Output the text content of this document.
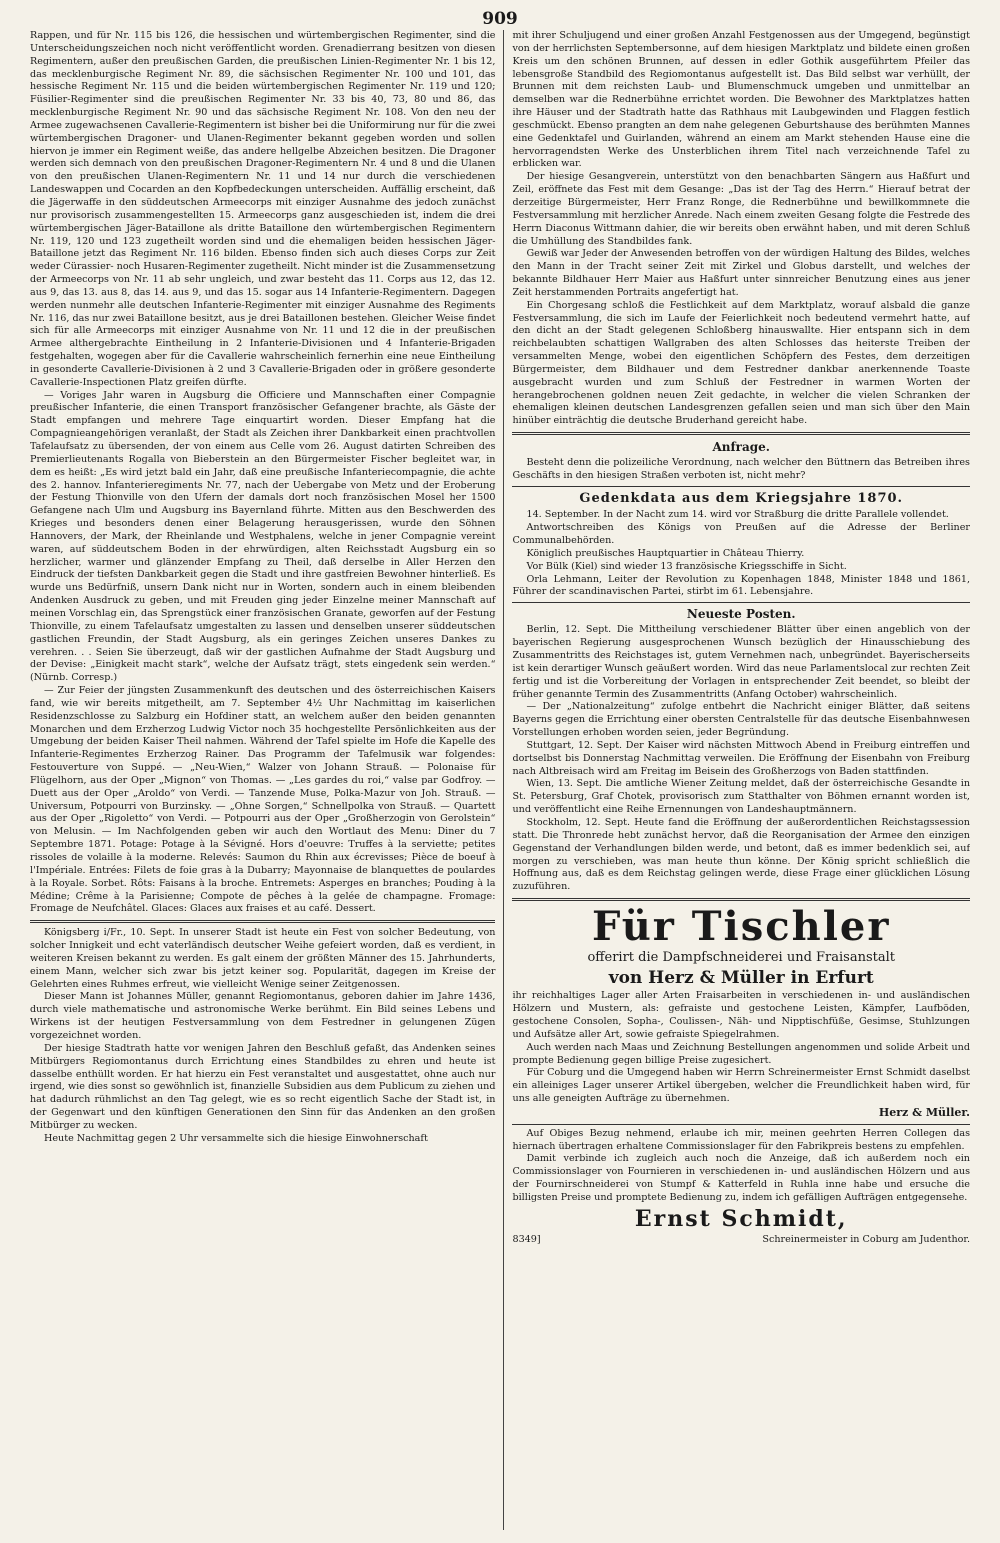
909

Rappen, und für Nr. 115 bis 126, die hessischen und würtembergischen Regimenter, sind die Unterscheidungszeichen noch nicht veröffentlicht worden. Grenadierrang besitzen von diesen Regimentern, außer den preußischen Garden, die preußischen Linien-Regimenter Nr. 1 bis 12, das mecklenburgische Regiment Nr. 89, die sächsischen Regimenter Nr. 100 und 101, das hessische Regiment Nr. 115 und die beiden würtembergischen Regimenter Nr. 119 und 120; Füsilier-Regimenter sind die preußischen Regimenter Nr. 33 bis 40, 73, 80 und 86, das mecklenburgische Regiment Nr. 90 und das sächsische Regiment Nr. 108. Von den neu der Armee zugewachsenen Cavallerie-Regimentern ist bisher bei die Uniformirung nur für die zwei würtembergischen Dragoner- und Ulanen-Regimenter bekannt gegeben worden und sollen hiervon je immer ein Regiment weiße, das andere hellgelbe Abzeichen besitzen. Die Dragoner werden sich demnach von den preußischen Dragoner-Regimentern Nr. 4 und 8 und die Ulanen von den preußischen Ulanen-Regimentern Nr. 11 und 14 nur durch die verschiedenen Landeswappen und Cocarden an den Kopfbedeckungen unterscheiden. Auffällig erscheint, daß die Jägerwaffe in den süddeutschen Armeecorps mit einziger Ausnahme des jedoch zunächst nur provisorisch zusammengestellten 15. Armeecorps ganz ausgeschieden ist, indem die drei würtembergischen Jäger-Bataillone als dritte Bataillone den würtembergischen Regimentern Nr. 119, 120 und 123 zugetheilt worden sind und die ehemaligen beiden hessischen Jäger-Bataillone jetzt das Regiment Nr. 116 bilden. Ebenso finden sich auch dieses Corps zur Zeit weder Cürassier- noch Husaren-Regimenter zugetheilt. Nicht minder ist die Zusammensetzung der Armeecorps von Nr. 11 ab sehr ungleich, und zwar besteht das 11. Corps aus 12, das 12. aus 9, das 13. aus 8, das 14. aus 9, und das 15. sogar aus 14 Infanterie-Regimentern. Dagegen werden nunmehr alle deutschen Infanterie-Regimenter mit einziger Ausnahme des Regiments Nr. 116, das nur zwei Bataillone besitzt, aus je drei Bataillonen bestehen. Gleicher Weise findet sich für alle Armeecorps mit einziger Ausnahme von Nr. 11 und 12 die in der preußischen Armee althergebrachte Eintheilung in 2 Infanterie-Divisionen und 4 Infanterie-Brigaden festgehalten, wogegen aber für die Cavallerie wahrscheinlich fernerhin eine neue Eintheilung in gesonderte Cavallerie-Divisionen à 2 und 3 Cavallerie-Brigaden oder in größere gesonderte Cavallerie-Inspectionen Platz greifen dürfte.

— Voriges Jahr waren in Augsburg die Officiere und Mannschaften einer Compagnie preußischer Infanterie, die einen Transport französischer Gefangener brachte, als Gäste der Stadt empfangen und mehrere Tage einquartirt worden. Dieser Empfang hat die Compagnieangehörigen veranlaßt, der Stadt als Zeichen ihrer Dankbarkeit einen prachtvollen Tafelaufsatz zu übersenden, der von einem aus Celle vom 26. August datirten Schreiben des Premierlieutenants Rogalla von Bieberstein an den Bürgermeister Fischer begleitet war, in dem es heißt: „Es wird jetzt bald ein Jahr, daß eine preußische Infanteriecompagnie, die achte des 2. hannov. Infanterieregiments Nr. 77, nach der Uebergabe von Metz und der Eroberung der Festung Thionville von den Ufern der damals dort noch französischen Mosel her 1500 Gefangene nach Ulm und Augsburg ins Bayernland führte. Mitten aus den Beschwerden des Krieges und besonders denen einer Belagerung herausgerissen, wurde den Söhnen Hannovers, der Mark, der Rheinlande und Westphalens, welche in jener Compagnie vereint waren, auf süddeutschem Boden in der ehrwürdigen, alten Reichsstadt Augsburg ein so herzlicher, warmer und glänzender Empfang zu Theil, daß derselbe in Aller Herzen den Eindruck der tiefsten Dankbarkeit gegen die Stadt und ihre gastfreien Bewohner hinterließ. Es wurde uns Bedürfniß, unsern Dank nicht nur in Worten, sondern auch in einem bleibenden Andenken Ausdruck zu geben, und mit Freuden ging jeder Einzelne meiner Mannschaft auf meinen Vorschlag ein, das Sprengstück einer französischen Granate, geworfen auf der Festung Thionville, zu einem Tafelaufsatz umgestalten zu lassen und denselben unserer süddeutschen gastlichen Freundin, der Stadt Augsburg, als ein geringes Zeichen unseres Dankes zu verehren. . . Seien Sie überzeugt, daß wir der gastlichen Aufnahme der Stadt Augsburg und der Devise: „Einigkeit macht stark“, welche der Aufsatz trägt, stets eingedenk sein werden.“ (Nürnb. Corresp.)

— Zur Feier der jüngsten Zusammenkunft des deutschen und des österreichischen Kaisers fand, wie wir bereits mitgetheilt, am 7. September 4½ Uhr Nachmittag im kaiserlichen Residenzschlosse zu Salzburg ein Hofdiner statt, an welchem außer den beiden genannten Monarchen und dem Erzherzog Ludwig Victor noch 35 hochgestellte Persönlichkeiten aus der Umgebung der beiden Kaiser Theil nahmen. Während der Tafel spielte im Hofe die Kapelle des Infanterie-Regimentes Erzherzog Rainer. Das Programm der Tafelmusik war folgendes: Festouverture von Suppé. — „Neu-Wien,“ Walzer von Johann Strauß. — Polonaise für Flügelhorn, aus der Oper „Mignon“ von Thomas. — „Les gardes du roi,“ valse par Godfroy. — Duett aus der Oper „Aroldo“ von Verdi. — Tanzende Muse, Polka-Mazur von Joh. Strauß. — Universum, Potpourri von Burzinsky. — „Ohne Sorgen,“ Schnellpolka von Strauß. — Quartett aus der Oper „Rigoletto“ von Verdi. — Potpourri aus der Oper „Großherzogin von Gerolstein“ von Melusin. — Im Nachfolgenden geben wir auch den Wortlaut des Menu: Diner du 7 Septembre 1871. Potage: Potage à la Sévigné. Hors d'oeuvre: Truffes à la serviette; petites rissoles de volaille à la moderne. Relevés: Saumon du Rhin aux écrevisses; Pièce de boeuf à l'Impériale. Entrées: Filets de foie gras à la Dubarry; Mayonnaise de blanquettes de poulardes à la Royale. Sorbet. Rôts: Faisans à la broche. Entremets: Asperges en branches; Pouding à la Médine; Crême à la Parisienne; Compote de pêches à la gelée de champagne. Fromage: Fromage de Neufchâtel. Glaces: Glaces aux fraises et au café. Dessert.

Königsberg i/Fr., 10. Sept. In unserer Stadt ist heute ein Fest von solcher Bedeutung, von solcher Innigkeit und echt vaterländisch deutscher Weihe gefeiert worden, daß es verdient, in weiteren Kreisen bekannt zu werden. Es galt einem der größten Männer des 15. Jahrhunderts, einem Mann, welcher sich zwar bis jetzt keiner sog. Popularität, dagegen im Kreise der Gelehrten eines Ruhmes erfreut, wie vielleicht Wenige seiner Zeitgenossen.

Dieser Mann ist Johannes Müller, genannt Regiomontanus, geboren dahier im Jahre 1436, durch viele mathematische und astronomische Werke berühmt. Ein Bild seines Lebens und Wirkens ist der heutigen Festversammlung von dem Festredner in gelungenen Zügen vorgezeichnet worden.

Der hiesige Stadtrath hatte vor wenigen Jahren den Beschluß gefaßt, das Andenken seines Mitbürgers Regiomontanus durch Errichtung eines Standbildes zu ehren und heute ist dasselbe enthüllt worden. Er hat hierzu ein Fest veranstaltet und ausgestattet, ohne auch nur irgend, wie dies sonst so gewöhnlich ist, finanzielle Subsidien aus dem Publicum zu ziehen und hat dadurch rühmlichst an den Tag gelegt, wie es so recht eigentlich Sache der Stadt ist, in der Gegenwart und den künftigen Generationen den Sinn für das Andenken an den großen Mitbürger zu wecken.

Heute Nachmittag gegen 2 Uhr versammelte sich die hiesige Einwohnerschaft

mit ihrer Schuljugend und einer großen Anzahl Festgenossen aus der Umgegend, begünstigt von der herrlichsten Septembersonne, auf dem hiesigen Marktplatz und bildete einen großen Kreis um den schönen Brunnen, auf dessen in edler Gothik ausgeführtem Pfeiler das lebensgroße Standbild des Regiomontanus aufgestellt ist. Das Bild selbst war verhüllt, der Brunnen mit dem reichsten Laub- und Blumenschmuck umgeben und unmittelbar an demselben war die Rednerbühne errichtet worden. Die Bewohner des Marktplatzes hatten ihre Häuser und der Stadtrath hatte das Rathhaus mit Laubgewinden und Flaggen festlich geschmückt. Ebenso prangten an dem nahe gelegenen Geburtshause des berühmten Mannes eine Gedenktafel und Guirlanden, während an einem am Markt stehenden Hause eine die hervorragendsten Werke des Unsterblichen ihrem Titel nach verzeichnende Tafel zu erblicken war.

Der hiesige Gesangverein, unterstützt von den benachbarten Sängern aus Haßfurt und Zeil, eröffnete das Fest mit dem Gesange: „Das ist der Tag des Herrn.“ Hierauf betrat der derzeitige Bürgermeister, Herr Franz Ronge, die Rednerbühne und bewillkommnete die Festversammlung mit herzlicher Anrede. Nach einem zweiten Gesang folgte die Festrede des Herrn Diaconus Wittmann dahier, die wir bereits oben erwähnt haben, und mit deren Schluß die Umhüllung des Standbildes fank.

Gewiß war Jeder der Anwesenden betroffen von der würdigen Haltung des Bildes, welches den Mann in der Tracht seiner Zeit mit Zirkel und Globus darstellt, und welches der bekannte Bildhauer Herr Maier aus Haßfurt unter sinnreicher Benutzung eines aus jener Zeit herstammenden Portraits angefertigt hat.

Ein Chorgesang schloß die Festlichkeit auf dem Marktplatz, worauf alsbald die ganze Festversammlung, die sich im Laufe der Feierlichkeit noch bedeutend vermehrt hatte, auf den dicht an der Stadt gelegenen Schloßberg hinauswallte. Hier entspann sich in dem reichbelaubten schattigen Wallgraben des alten Schlosses das heiterste Treiben der versammelten Menge, wobei den eigentlichen Schöpfern des Festes, dem derzeitigen Bürgermeister, dem Bildhauer und dem Festredner dankbar anerkennende Toaste ausgebracht wurden und zum Schluß der Festredner in warmen Worten der herangebrochenen goldnen neuen Zeit gedachte, in welcher die vielen Schranken der ehemaligen kleinen deutschen Landesgrenzen gefallen seien und man sich über den Main hinüber einträchtig die deutsche Bruderhand gereicht habe.

Anfrage.

Besteht denn die polizeiliche Verordnung, nach welcher den Büttnern das Betreiben ihres Geschäfts in den hiesigen Straßen verboten ist, nicht mehr?

Gedenkdata aus dem Kriegsjahre 1870.

14. September. In der Nacht zum 14. wird vor Straßburg die dritte Parallele vollendet.

Antwortschreiben des Königs von Preußen auf die Adresse der Berliner Communalbehörden.

Königlich preußisches Hauptquartier in Château Thierry.

Vor Bülk (Kiel) sind wieder 13 französische Kriegsschiffe in Sicht.

Orla Lehmann, Leiter der Revolution zu Kopenhagen 1848, Minister 1848 und 1861, Führer der scandinavischen Partei, stirbt im 61. Lebensjahre.

Neueste Posten.

Berlin, 12. Sept. Die Mittheilung verschiedener Blätter über einen angeblich von der bayerischen Regierung ausgesprochenen Wunsch bezüglich der Hinausschiebung des Zusammentritts des Reichstages ist, gutem Vernehmen nach, unbegründet. Bayerischerseits ist kein derartiger Wunsch geäußert worden. Wird das neue Parlamentslocal zur rechten Zeit fertig und ist die Vorbereitung der Vorlagen in entsprechender Zeit beendet, so bleibt der früher genannte Termin des Zusammentritts (Anfang October) wahrscheinlich.

— Der „Nationalzeitung“ zufolge entbehrt die Nachricht einiger Blätter, daß seitens Bayerns gegen die Errichtung einer obersten Centralstelle für das deutsche Eisenbahnwesen Vorstellungen erhoben worden seien, jeder Begründung.

Stuttgart, 12. Sept. Der Kaiser wird nächsten Mittwoch Abend in Freiburg eintreffen und dortselbst bis Donnerstag Nachmittag verweilen. Die Eröffnung der Eisenbahn von Freiburg nach Altbreisach wird am Freitag im Beisein des Großherzogs von Baden stattfinden.

Wien, 13. Sept. Die amtliche Wiener Zeitung meldet, daß der österreichische Gesandte in St. Petersburg, Graf Chotek, provisorisch zum Statthalter von Böhmen ernannt worden ist, und veröffentlicht eine Reihe Ernennungen von Landeshauptmännern.

Stockholm, 12. Sept. Heute fand die Eröffnung der außerordentlichen Reichstagssession statt. Die Thronrede hebt zunächst hervor, daß die Reorganisation der Armee den einzigen Gegenstand der Verhandlungen bilden werde, und betont, daß es immer bedenklich sei, auf morgen zu verschieben, was man heute thun könne. Der König spricht schließlich die Hoffnung aus, daß es dem Reichstag gelingen werde, diese Frage einer glücklichen Lösung zuzuführen.

Für Tischler
offerirt die Dampfschneiderei und Fraisanstalt
von Herz & Müller in Erfurt

ihr reichhaltiges Lager aller Arten Fraisarbeiten in verschiedenen in- und ausländischen Hölzern und Mustern, als: gefraiste und gestochene Leisten, Kämpfer, Laufböden, gestochene Consolen, Sopha-, Coulissen-, Näh- und Nipptischfüße, Gesimse, Stuhlzungen und Aufsätze aller Art, sowie gefraiste Spiegelrahmen.

Auch werden nach Maas und Zeichnung Bestellungen angenommen und solide Arbeit und prompte Bedienung gegen billige Preise zugesichert.

Für Coburg und die Umgegend haben wir Herrn Schreinermeister Ernst Schmidt daselbst ein alleiniges Lager unserer Artikel übergeben, welcher die Freundlichkeit haben wird, für uns alle geneigten Aufträge zu übernehmen.

Herz & Müller.

Auf Obiges Bezug nehmend, erlaube ich mir, meinen geehrten Herren Collegen das hiernach übertragen erhaltene Commissionslager für den Fabrikpreis bestens zu empfehlen.

Damit verbinde ich zugleich auch noch die Anzeige, daß ich außerdem noch ein Commissionslager von Fournieren in verschiedenen in- und ausländischen Hölzern und aus der Fournirschneiderei von Stumpf & Katterfeld in Ruhla inne habe und ersuche die billigsten Preise und promptete Bedienung zu, indem ich gefälligen Aufträgen entgegensehe.

Ernst Schmidt,
8349]	Schreinermeister in Coburg am Judenthor.
